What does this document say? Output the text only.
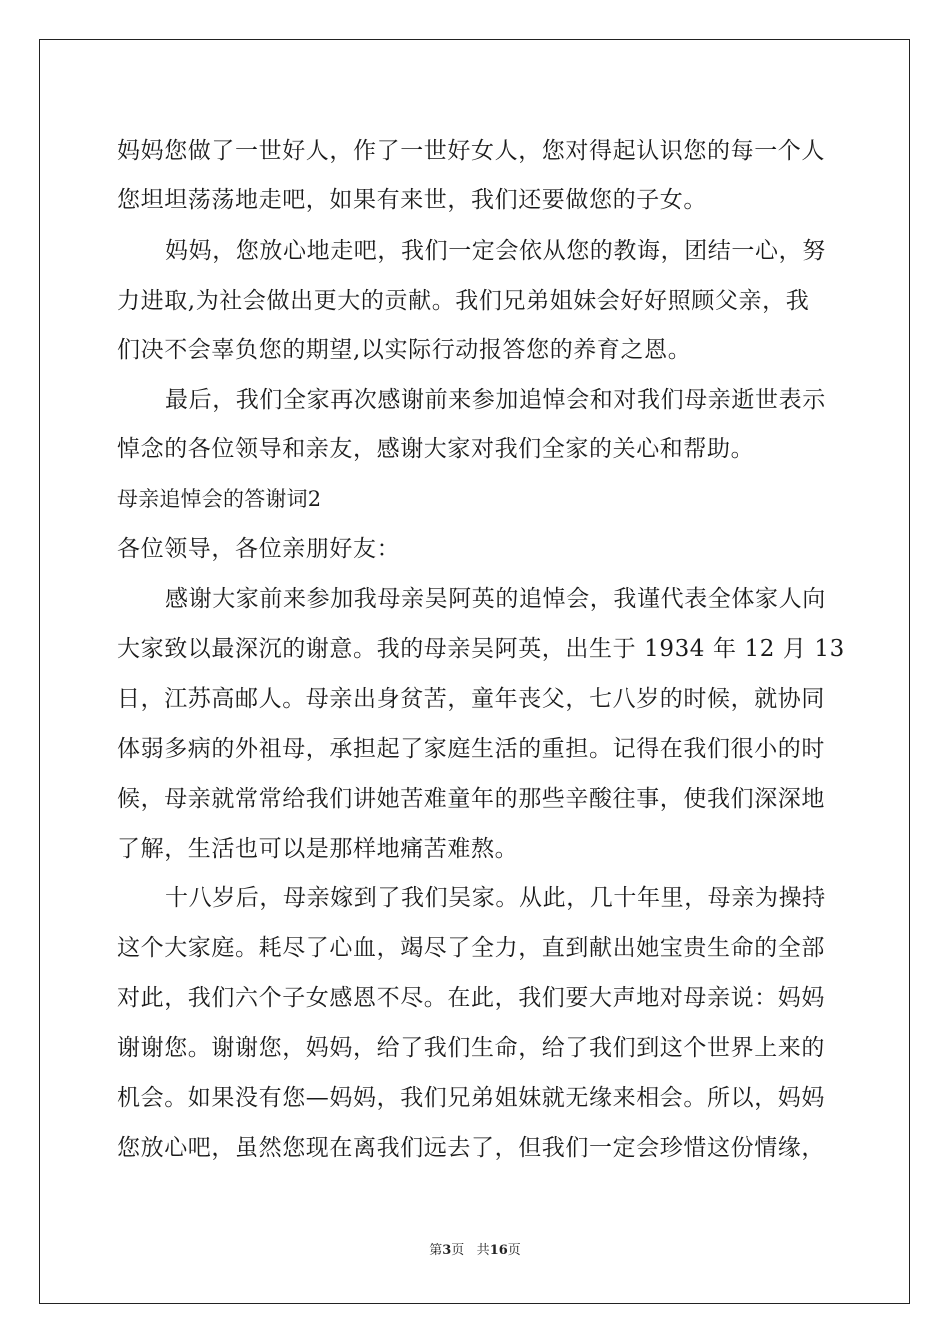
妈妈您做了一世好人，作了一世好女人，您对得起认识您的每一个人
您坦坦荡荡地走吧，如果有来世，我们还要做您的子女。
妈妈，您放心地走吧，我们一定会依从您的教诲，团结一心，努
力进取,为社会做出更大的贡献。我们兄弟姐妹会好好照顾父亲，我
们决不会辜负您的期望,以实际行动报答您的养育之恩。
最后，我们全家再次感谢前来参加追悼会和对我们母亲逝世表示
悼念的各位领导和亲友，感谢大家对我们全家的关心和帮助。
母亲追悼会的答谢词2
各位领导，各位亲朋好友：
感谢大家前来参加我母亲吴阿英的追悼会，我谨代表全体家人向
大家致以最深沉的谢意。我的母亲吴阿英，出生于 1934 年 12 月 13
日，江苏高邮人。母亲出身贫苦，童年丧父，七八岁的时候，就协同
体弱多病的外祖母，承担起了家庭生活的重担。记得在我们很小的时
候，母亲就常常给我们讲她苦难童年的那些辛酸往事，使我们深深地
了解，生活也可以是那样地痛苦难熬。
十八岁后，母亲嫁到了我们吴家。从此，几十年里，母亲为操持
这个大家庭。耗尽了心血，竭尽了全力，直到献出她宝贵生命的全部
对此，我们六个子女感恩不尽。在此，我们要大声地对母亲说：妈妈
谢谢您。谢谢您，妈妈，给了我们生命，给了我们到这个世界上来的
机会。如果没有您—妈妈，我们兄弟姐妹就无缘来相会。所以，妈妈
您放心吧，虽然您现在离我们远去了，但我们一定会珍惜这份情缘，
第3页 共16页
